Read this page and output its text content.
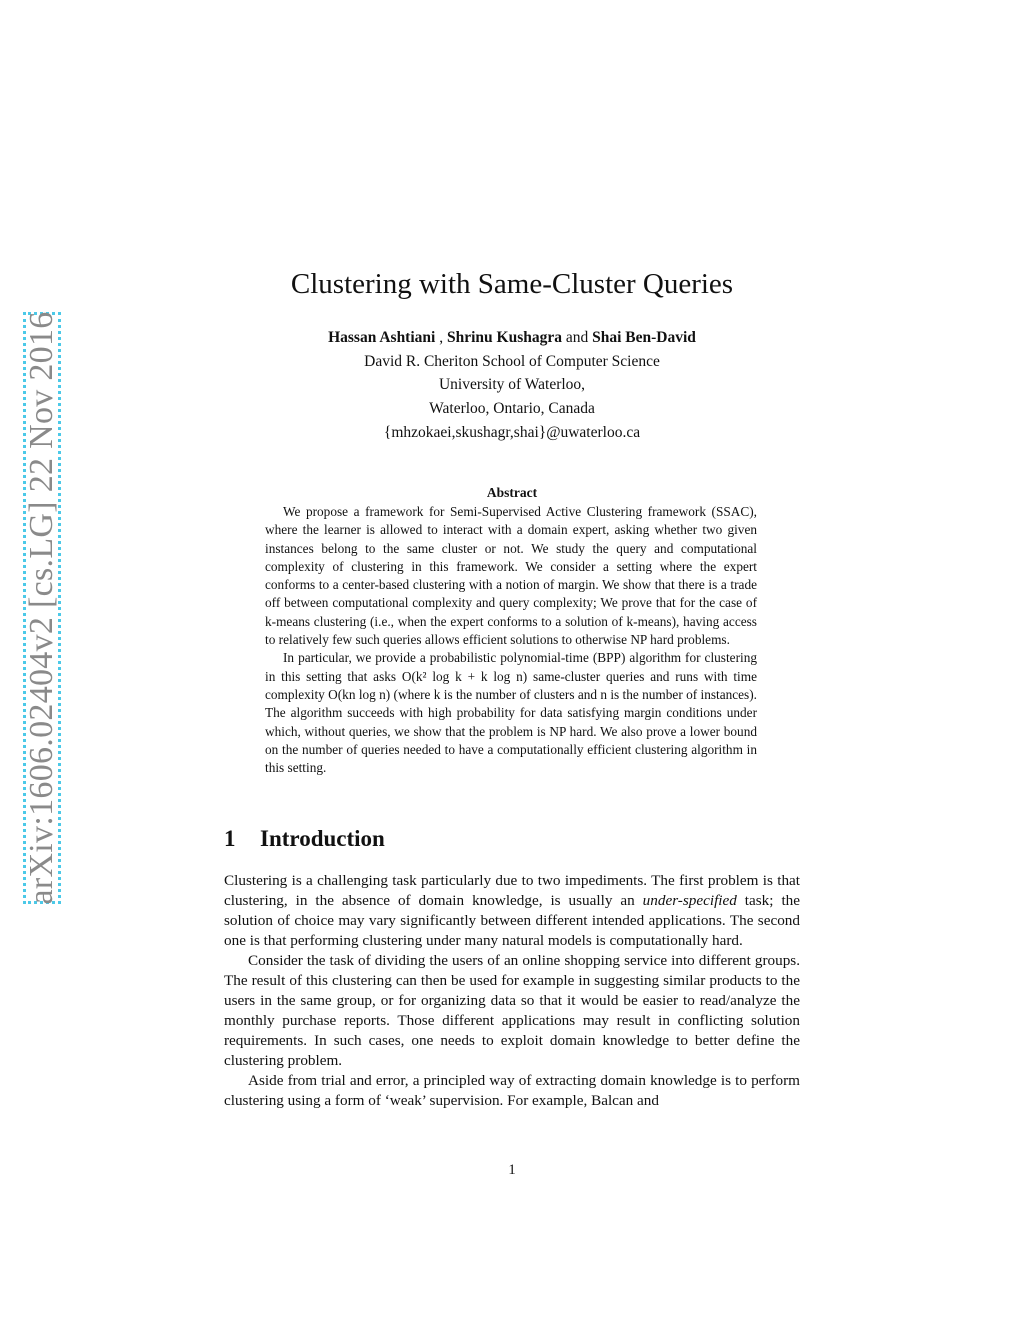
arXiv:1606.02404v2 [cs.LG] 22 Nov 2016
Clustering with Same-Cluster Queries
Hassan Ashtiani , Shrinu Kushagra and Shai Ben-David
David R. Cheriton School of Computer Science
University of Waterloo,
Waterloo, Ontario, Canada
{mhzokaei,skushagr,shai}@uwaterloo.ca
Abstract

We propose a framework for Semi-Supervised Active Clustering framework (SSAC), where the learner is allowed to interact with a domain expert, asking whether two given instances belong to the same cluster or not. We study the query and computational complexity of clustering in this framework. We consider a setting where the expert conforms to a center-based clustering with a notion of margin. We show that there is a trade off between computational complexity and query complexity; We prove that for the case of k-means clustering (i.e., when the expert conforms to a solution of k-means), having access to relatively few such queries allows efficient solutions to otherwise NP hard problems.

In particular, we provide a probabilistic polynomial-time (BPP) algorithm for clustering in this setting that asks O(k² log k + k log n) same-cluster queries and runs with time complexity O(kn log n) (where k is the number of clusters and n is the number of instances). The algorithm succeeds with high probability for data satisfying margin conditions under which, without queries, we show that the problem is NP hard. We also prove a lower bound on the number of queries needed to have a computationally efficient clustering algorithm in this setting.

1 Introduction

Clustering is a challenging task particularly due to two impediments. The first problem is that clustering, in the absence of domain knowledge, is usually an under-specified task; the solution of choice may vary significantly between different intended applications. The second one is that performing clustering under many natural models is computationally hard.

Consider the task of dividing the users of an online shopping service into different groups. The result of this clustering can then be used for example in suggesting similar products to the users in the same group, or for organizing data so that it would be easier to read/analyze the monthly purchase reports. Those different applications may result in conflicting solution requirements. In such cases, one needs to exploit domain knowledge to better define the clustering problem.

Aside from trial and error, a principled way of extracting domain knowledge is to perform clustering using a form of ‘weak’ supervision. For example, Balcan and

1
